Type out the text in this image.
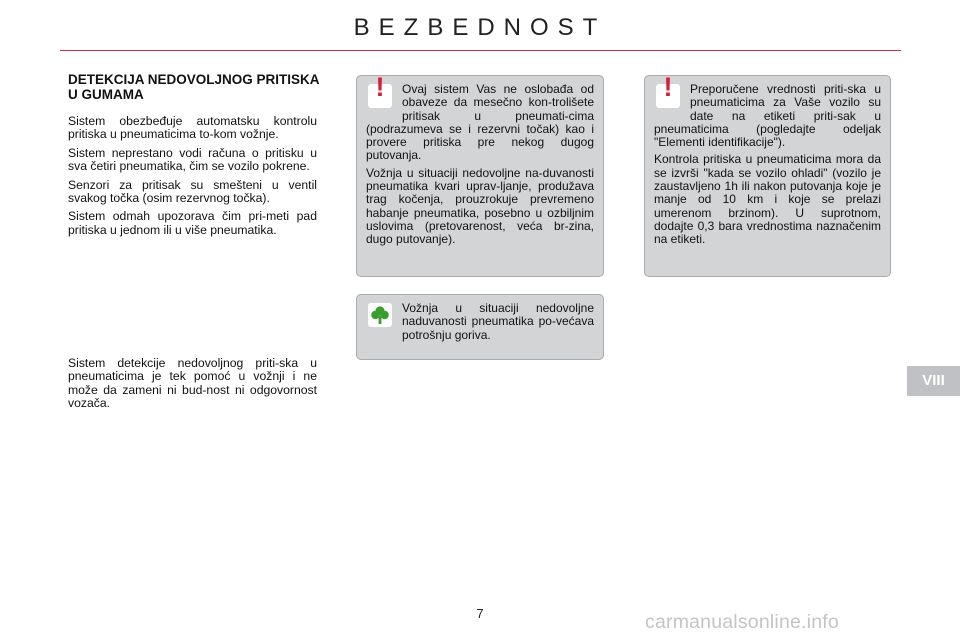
BEZBEDNOST
DETEKCIJA NEDOVOLJNOG PRITISKA U GUMAMA

Sistem obezbeđuje automatsku kontrolu pritiska u pneumaticima to-kom vožnje.

Sistem neprestano vodi računa o pritisku u sva četiri pneumatika, čim se vozilo pokrene.

Senzori za pritisak su smešteni u ventil svakog točka (osim rezervnog točka).

Sistem odmah upozorava čim pri-meti pad pritiska u jednom ili u više pneumatika.

Sistem detekcije nedovoljnog priti-ska u pneumaticima je tek pomoć u vožnji i ne može da zameni ni bud-nost ni odgovornost vozača.

!

Ovaj sistem Vas ne oslobađa od obaveze da mesečno kon-trolišete pritisak u pneumati-cima (podrazumeva se i rezervni točak) kao i provere pritiska pre nekog dugog putovanja.

Vožnja u situaciji nedovoljne na-duvanosti pneumatika kvari uprav-ljanje, produžava trag kočenja, prouzrokuje prevremeno habanje pneumatika, posebno u ozbiljnim uslovima (pretovarenost, veća br-zina, dugo putovanje).

!

Preporučene vrednosti priti-ska u pneumaticima za Vaše vozilo su date na etiketi priti-sak u pneumaticima (pogledajte odeljak "Elementi identifikacije").

Kontrola pritiska u pneumaticima mora da se izvrši "kada se vozilo ohladi" (vozilo je zaustavljeno 1h ili nakon putovanja koje je manje od 10 km i koje se prelazi umerenom brzinom). U suprotnom, dodajte 0,3 bara vrednostima naznačenim na etiketi.

Vožnja u situaciji nedovoljne naduvanosti pneumatika po-većava potrošnju goriva.

VIII
7	carmanualsonline.info
